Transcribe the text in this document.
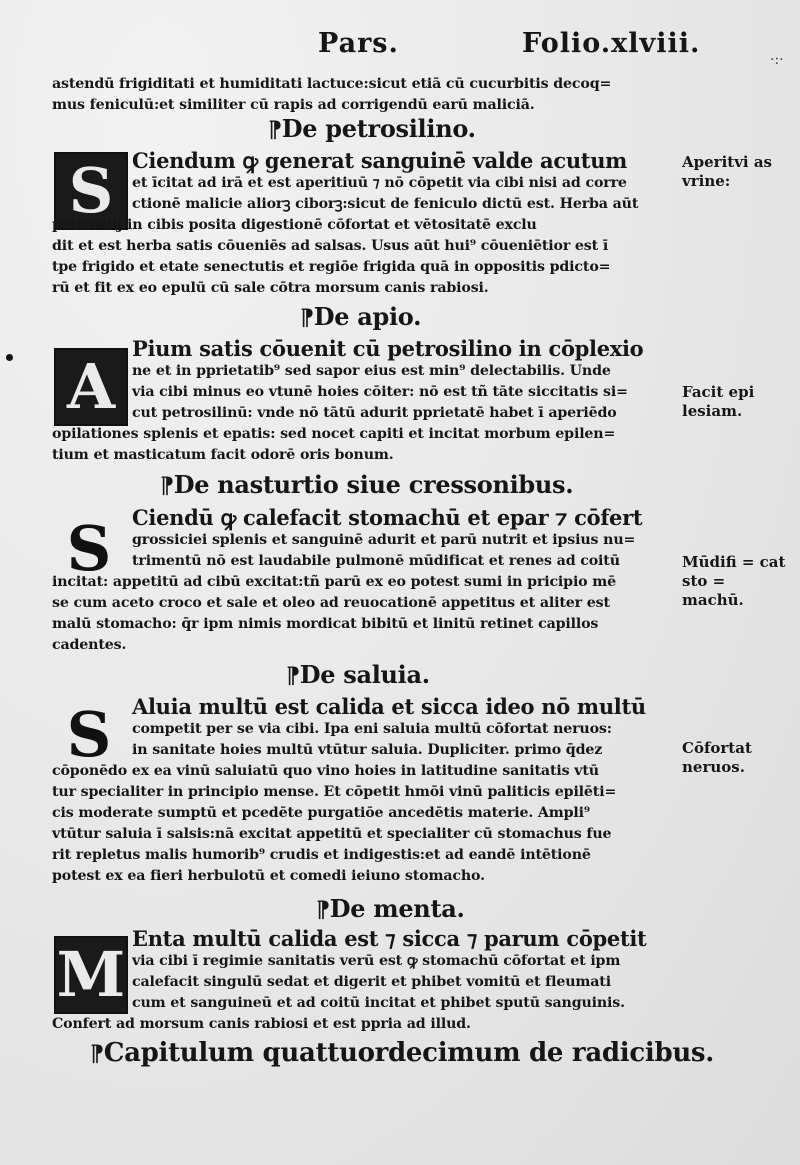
·:·
Pars.	Folio.xlviii.
astendū frigiditati et humiditati lactuce:sicut etiā cū cucurbitis decoq=
mus feniculū:et similiter cū rapis ad corrigendū earū maliciā.
⁋De petrosilino.
S Ciendum ꝙ generat sanguinē valde acutum
et īcitat ad irā et est aperitiuū ⁊ nō cōpetit via cibi nisi ad corre
ctionē malicie aliorꝫ ciborꝫ:sicut de feniculo dictū est. Herba aūt
petrosilij in cibis posita digestionē cōfortat et vētositatē exclu
dit et est herba satis cōueniēs ad salsas. Usus aūt hui⁹ cōueniētior est ī
tpe frigido et etate senectutis et regiōe frigida quā in oppositis pdicto=
rū et fit ex eo epulū cū sale cōtra morsum canis rabiosi.
Aperitvi as vrine:
⁋De apio.
A
Pium satis cōuenit cū petrosilino in cōplexio
ne et in pprietatib⁹ sed sapor eius est min⁹ delectabilis. Unde
via cibi minus eo vtunē hoies cōiter: nō est tñ tāte siccitatis si=
cut petrosilinū: vnde nō tātū adurit pprietatē habet ī aperiēdo
opilationes splenis et epatis: sed nocet capiti et incitat morbum epilen=
tium et masticatum facit odorē oris bonum.
Facit epi lesiam.
⁋De nasturtio siue cressonibus.
S Ciendū ꝙ calefacit stomachū et epar ⁊ cōfert
grossiciei splenis et sanguinē adurit et parū nutrit et ipsius nu=
trimentū nō est laudabile pulmonē mūdificat et renes ad coitū
incitat: appetitū ad cibū excitat:tñ parū ex eo potest sumi in pricipio mē
se cum aceto croco et sale et oleo ad reuocationē appetitus et aliter est
malū stomacho: q̄r ipm nimis mordicat bibitū et linitū retinet capillos
cadentes.
Mūdifi = cat sto = machū.
⁋De saluia.
S Aluia multū est calida et sicca ideo nō multū
competit per se via cibi. Ipa eni saluia multū cōfortat neruos:
in sanitate hoies multū vtūtur saluia. Dupliciter. primo q̄dez
cōponēdo ex ea vinū saluiatū quo vino hoies in latitudine sanitatis vtū
tur specialiter in principio mense. Et cōpetit hmōi vinū paliticis epilēti=
cis moderate sumptū et pcedēte purgatiōe ancedētis materie. Ampli⁹
vtūtur saluia ī salsis:nā excitat appetitū et specialiter cū stomachus fue
rit repletus malis humorib⁹ crudis et indigestis:et ad eandē intētionē
potest ex ea fieri herbulotū et comedi ieiuno stomacho.
Cōfortat neruos.
⁋De menta.
M Enta multū calida est ⁊ sicca ⁊ parum cōpetit
via cibi ī regimie sanitatis verū est ꝙ stomachū cōfortat et ipm
calefacit singulū sedat et digerit et phibet vomitū et fleumati
cum et sanguineū et ad coitū incitat et phibet sputū sanguinis.
Confert ad morsum canis rabiosi et est ppria ad illud.
⁋Capitulum quattuordecimum de radicibus.
